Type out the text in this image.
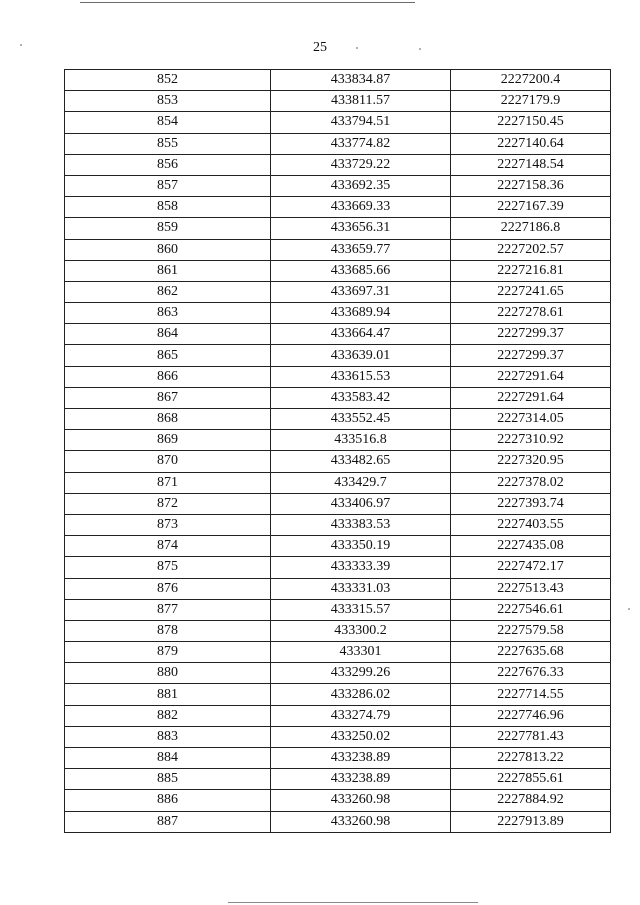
25
852	433834.87	2227200.4
853	433811.57	2227179.9
854	433794.51	2227150.45
855	433774.82	2227140.64
856	433729.22	2227148.54
857	433692.35	2227158.36
858	433669.33	2227167.39
859	433656.31	2227186.8
860	433659.77	2227202.57
861	433685.66	2227216.81
862	433697.31	2227241.65
863	433689.94	2227278.61
864	433664.47	2227299.37
865	433639.01	2227299.37
866	433615.53	2227291.64
867	433583.42	2227291.64
868	433552.45	2227314.05
869	433516.8	2227310.92
870	433482.65	2227320.95
871	433429.7	2227378.02
872	433406.97	2227393.74
873	433383.53	2227403.55
874	433350.19	2227435.08
875	433333.39	2227472.17
876	433331.03	2227513.43
877	433315.57	2227546.61
878	433300.2	2227579.58
879	433301	2227635.68
880	433299.26	2227676.33
881	433286.02	2227714.55
882	433274.79	2227746.96
883	433250.02	2227781.43
884	433238.89	2227813.22
885	433238.89	2227855.61
886	433260.98	2227884.92
887	433260.98	2227913.89
